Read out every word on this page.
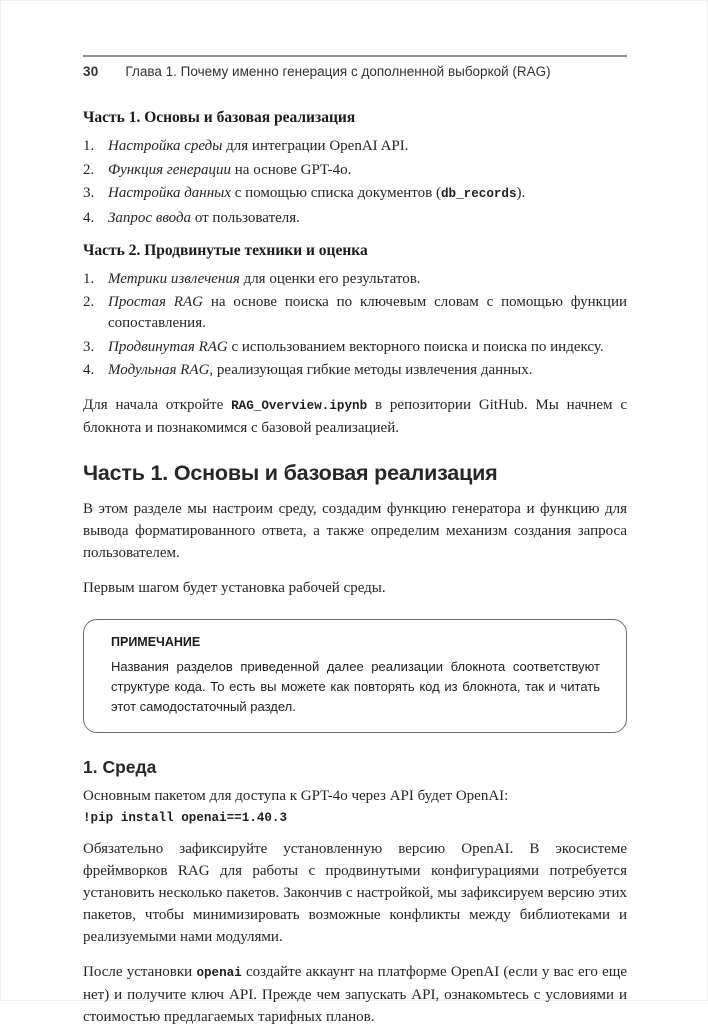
30 Глава 1. Почему именно генерация с дополненной выборкой (RAG)
Часть 1. Основы и базовая реализация
1. Настройка среды для интеграции OpenAI API.
2. Функция генерации на основе GPT-4o.
3. Настройка данных с помощью списка документов (db_records).
4. Запрос ввода от пользователя.
Часть 2. Продвинутые техники и оценка
1. Метрики извлечения для оценки его результатов.
2. Простая RAG на основе поиска по ключевым словам с помощью функции сопоставления.
3. Продвинутая RAG с использованием векторного поиска и поиска по индексу.
4. Модульная RAG, реализующая гибкие методы извлечения данных.

Для начала откройте RAG_Overview.ipynb в репозитории GitHub. Мы начнем с блокнота и познакомимся с базовой реализацией.

Часть 1. Основы и базовая реализация

В этом разделе мы настроим среду, создадим функцию генератора и функцию для вывода форматированного ответа, а также определим механизм создания запроса пользователем.

Первым шагом будет установка рабочей среды.

ПРИМЕЧАНИЕ
Названия разделов приведенной далее реализации блокнота соответствуют структуре кода. То есть вы можете как повторять код из блокнота, так и читать этот самодостаточный раздел.
1. Среда

Основным пакетом для доступа к GPT-4o через API будет OpenAI:

!pip install openai==1.40.3

Обязательно зафиксируйте установленную версию OpenAI. В экосистеме фреймворков RAG для работы с продвинутыми конфигурациями потребуется установить несколько пакетов. Закончив с настройкой, мы зафиксируем версию этих пакетов, чтобы минимизировать возможные конфликты между библиотеками и реализуемыми нами модулями.

После установки openai создайте аккаунт на платформе OpenAI (если у вас его еще нет) и получите ключ API. Прежде чем запускать API, ознакомьтесь с условиями и стоимостью предлагаемых тарифных планов.
